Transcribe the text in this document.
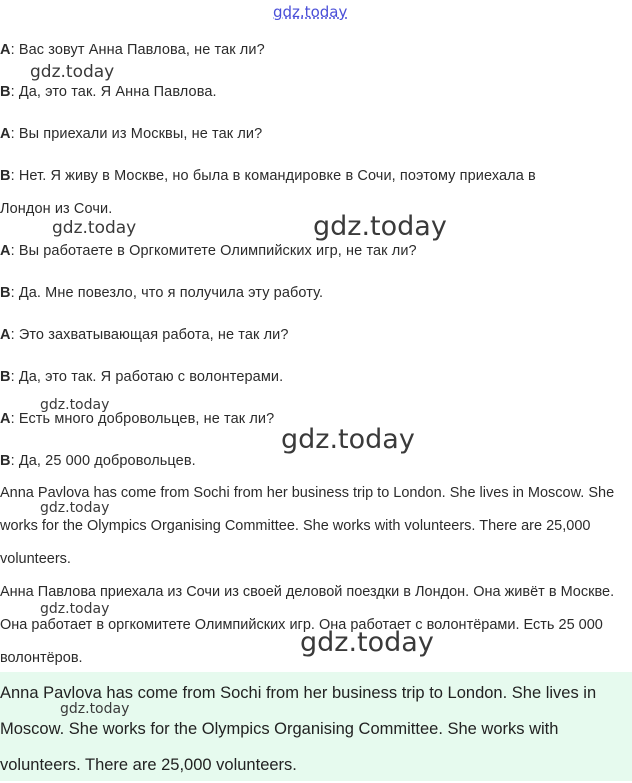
gdz.today
A: Вас зовут Анна Павлова, не так ли?
B: Да, это так. Я Анна Павлова.
A: Вы приехали из Москвы, не так ли?
B: Нет. Я живу в Москве, но была в командировке в Сочи, поэтому приехала в
Лондон из Сочи.
A: Вы работаете в Оргкомитете Олимпийских игр, не так ли?
B: Да. Мне повезло, что я получила эту работу.
A: Это захватывающая работа, не так ли?
B: Да, это так. Я работаю с волонтерами.
A: Есть много добровольцев, не так ли?
B: Да, 25 000 добровольцев.

Anna Pavlova has come from Sochi from her business trip to London. She lives in Moscow. She works for the Olympics Organising Committee. She works with volunteers. There are 25,000 volunteers.

Анна Павлова приехала из Сочи из своей деловой поездки в Лондон. Она живёт в Москве. Она работает в оргкомитете Олимпийских игр. Она работает с волонтёрами. Есть 25 000 волонтёров.

Anna Pavlova has come from Sochi from her business trip to London. She lives in Moscow. She works for the Olympics Organising Committee. She works with volunteers. There are 25,000 volunteers.

gdz.today
gdz.today	gdz.today
gdz.today
gdz.today
gdz.today
gdz.today
gdz.today
gdz.today
